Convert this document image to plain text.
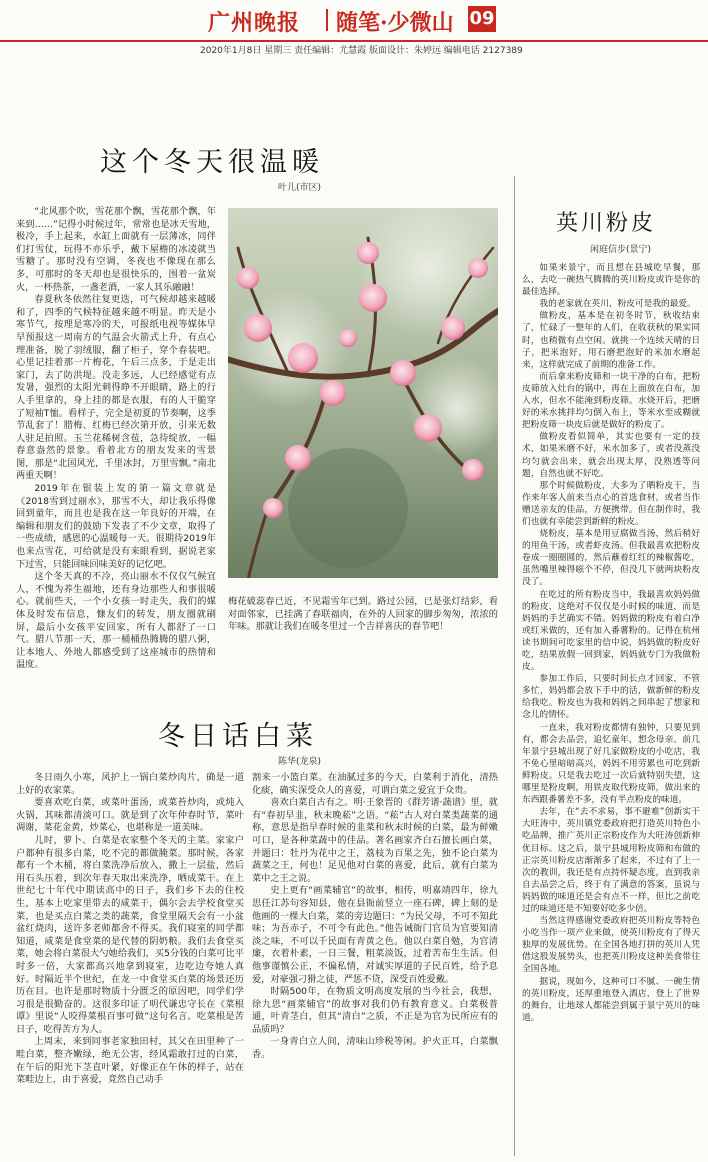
广州晚报 随笔·少微山 09
2020年1月8日 星期三 责任编辑：尤慧霞 版面设计：朱婷远 编辑电话 2127389
这个冬天很温暖
叶儿(市区)

“北风那个吹，雪花那个飘，雪花那个飘，年来到……”记得小时候过年，常常也是冰天雪地，极冷，手上起来，水缸上面就有一层薄冰，同伴们打雪仗，玩得不亦乐乎，戴下屋檐的冰凌就当雪糖了。那时没有空调，冬夜也不像现在那么多，可那时的冬天却也是很快乐的，围着一盆炭火，一杯热茶，一盏老酒，一家人其乐融融！

春夏秋冬依然往复更迭，可气候却越来越暖和了，四季的气候特征越来越不明显。昨天是小寒节气，按理是寒冷的天，可报纸电视等媒体早早预报这一周南方的气温会火箭式上升，有点心理准备，脱了羽绒服，翻了柜子，穿个春装吧。心里记挂着那一片梅花，午后三点多，于是走出家门，去了防洪堤。没走多远，人已经感觉有点发暑，强烈的太阳光刺得睁不开眼睛，路上的行人手里拿的，身上挂的都是衣服，有的人干脆穿了短袖T恤。看样子，完全是初夏的节奏啊，这季节乱套了！腊梅、红梅已经次第开放，引来无数人驻足拍照。玉兰花稀树含苞，急待绽放，一幅春意盎然的景象。看着北方的朋友发来的雪景图，那是“北国风光，千里冰封，万里雪飘。”南北两重天啊！

2019年在银装上发的第一篇文章就是《2018雪到过丽水》，那雪不大，却让我乐得像回到童年，而且也是我在这一年良好的开端，在编辑和朋友们的鼓励下发表了不少文章，取得了一些成绩，感恩的心温暖每一天。很期待2019年也来点雪花，可给就是没有来眼看到，据说老家下过雪，只能回味回味美好的记忆吧。

这个冬天真的不冷，亮山丽水不仅仅气候宜人，不愧为养生福地，还有身边那些人和事很暖心。就前些天，一个小女孩一时走失，我们的媒体及时发布信息，慷友们的转发，朋友圈就刷屏，最后小女孩平安回家，所有人都舒了一口气。腊八节那一天，那一桶桶热腾腾的腊八粥，让本地人、外地人都感受到了这座城市的热情和温度。

梅花破蕊春已近，不见霜雪年已到。路过公园，已是张灯结彩，看对面邻家，已挂满了春联福肉，在外的人回家的脚步匆匆，浓浓的年味。那就让我们在暖冬里过一个吉祥喜庆的春节吧！
冬日话白菜
陈华(龙泉)

冬日雨久小寒，风护上一锅白菜炒肉片，确是一道上好的农家菜。

要喜欢吃白菜，或菜叶蛋汤，或菜苔炒肉，或炖入火锅，其味都清淡可口。就是到了次年仲春时节，菜叶凋谢，菜花金黄，炒菜心，也堪称是一道美味。

儿时，萝卜、白菜是农家整个冬天的主菜。家家户户都种有很多白菜，吃不完的都做腌菜。那时候，各家都有一个木桶，将白菜洗净后放入，撒上一层盐，然后用石头压着，到次年春天取出来洗净，晒成菜干。在上世纪七十年代中期读高中的日子，我们乡下去的住校生，基本上吃家里带去的咸菜干，偶尔会去学校食堂买菜，也是买点白菜之类的蔬菜，食堂里隔天会有一小盆盆红烧肉，送许多老师都舍不得买。我们寝室的同学都知道，咸菜是食堂菜的是代替的阴奶粮。我们去食堂买菜，她会将白菜很大勺她给我们，买5分钱的白菜可比平时多一倍，大家都高兴地拿到寝室，边吃边夸她人真好。时隔近半个世纪，在龙一中食堂买白菜的场景还历历在目。也许是那时物质十分匮乏的原因吧，同学们学习很是很勤奋的。这很多印证了明代谦忠守长在《菜根谭》里说“人咬得菜根百事可做”这句名言。吃菜根是苦日子，吃得苦方为人。

上周末，来到同事老家独田村，其父在田里种了一畦白菜，整齐嫩绿，绝无公害，经风霜敢打过的白菜，在午后的阳光下茎直叶紧，好像正在午休的样子，站在菜畦边上，由于喜爱，竟然自己动手

割来一小篮白菜。在油腻过多的今天，白菜利于消化，清热化痰，确实深受众人的喜爱，可谓白菜之爱宜于众贵。

喜欢白菜自古有之。明·王象晋的《群芳谱·蔬谱》里，就有“春初早韭，秋末晚菘”之语。“菘”古人对白菜类蔬菜的通称，意思是指早春时候的韭菜和秋末时候的白菜，最为鲜嫩可口，是各种菜蔬中的佳品。著名画家齐白石擅长画白菜，并题曰：牡丹为花中之王，荔枝为百果之先，独不论白菜为蔬菜之王，何也！足见他对白菜的喜爱，此后，就有白菜为菜中之王之说。

史上更有“画菜辅官”的故事，相传，明嘉靖四年，徐九思任江苏句容知县，他在县衙前竖立一座石碑，碑上刻的是他画的一棵大白菜，菜的旁边题曰：“为民父母，不可不知此味；为吾赤子，不可令有此色。”他告诫衙门官员为官要知清淡之味，不可以千民面有青黄之色。他以白菜自勉，为官清廉，衣着朴素，一日三餐，粗菜淡饭，过着苦布生生活。但他事谨慎公正，不偏私情，对诚实厚道的子民百姓，给予息爱，对豪强刁猾之徒，严惩不贷，深受百姓爱戴。

时隔500年，在物质文明高度发展的当今社会，我想，徐九思“画菜辅官”的故事对我们仍有教育意义。白菜极普通，叶青茎白，但其“清白”之质，不正是为官为民所应有的品质吗？

一身青白立人间，清味山珍税等闲。护火正耳，白菜飘香。

英川粉皮
闲庭信步(景宁)

如果来景宁，而且想在县城吃早餐，那么，去吃一碗热气腾腾的英川粉皮或许是你的最佳选择。

我的老家就在英川，粉皮可是我的最爱。

做粉皮，基本是在初冬时节，秋收结束了，忙碌了一整年的人们，在收获秋的果实同时，也稍微有点空闲。就挑一个连续天晴的日子，把米泡好，用石磨把泡好的米加水磨起来，这样就完成了前期的准备工作。

而后拿来粉皮筛和一块干净的白布，把粉皮筛放入灶台的锅中，再在上面放在白布，加入水，但水不能淹到粉皮筛。水烧开后，把磨好的米水挑拌均匀倒入布上，等米水至成糊就把粉皮筛一块皮后就是做好的粉皮了。

做粉皮看似简单，其实也要有一定的技术，如果米磨不好，米水加多了，或者没蒸没均匀就会出来，就会出现太厚，没熟透等问题，自然也就不好吃。

那个时候做粉皮，大多为了晒粉皮干，当作来年客人前来当点心的首选食材，或者当作赠送亲友的佳品，方便携带。但在制作时，我们也就有幸能尝到新鲜的粉皮。

烧粉皮，基本是用豆腐做当汤，然后稍好的用鱼干汤，或者虾皮汤。但我最喜欢把粉皮卷成一圈圈圆的，然后蘸着红红的辣椒酱吃，虽然嘴里辣得嗞个不停，但没几下就两块粉皮没了。

在吃过的所有粉皮当中，我最喜欢妈妈做的粉皮，这绝对不仅仅是小时候的味道，而是妈妈的手艺确实不错。妈妈做的粉皮有着白净或红米做的，还有加入番薯粉的。记得在杭州读书期间可吃家里的信中说，妈妈做的粉皮好吃，结果放假一回到家，妈妈就专门为我做粉皮。

参加工作后，只要时间长点才回家，不管多忙，妈妈都会放下手中的活，做新鲜的粉皮给我吃。粉皮也为我和妈妈之间串起了想家和念儿的情怀。

一直来，我对粉皮都情有独钟，只要见到有，都会去品尝，追忆童年，想念母亲。前几年景宁县城出现了好几家做粉皮的小吃店，我不免心里暗暗高兴，妈妈不用劳累也可吃到新鲜粉皮。只是我去吃过一次后就特别失望，这哪里是粉皮啊，用铁皮取代粉皮筛，做出来的东西跟番薯差不多，没有半点粉皮的味道。

去年，在“去不求易，事不避难”创新实干大旺涛中，英川镇党委政府把打造英川特色小吃品牌，推广英川正宗粉皮作为大旺涛创新伸优目标。这之后，景宁县城用粉皮筛和布做的正宗英川粉皮店渐渐多了起来，不过有了上一次的教训，我还是有点持怀疑态度，直到我亲自去品尝之后，终于有了满意的答案，虽说与妈妈做的味道还是会有点不一样，但比之前吃过的味道还是不知要好吃多少倍。

当然这得感谢党委政府把英川粉皮等特色小吃当作一项产业来做，使英川粉皮有了得天独厚的发展优势。在全国各地打拼的英川人凭借这股发展势头，也把英川粉皮这种美食带往全国各地。

据说，现如今，这种可口不腻、一碗生情的英川粉皮，还厚重地登入酒店，登上了世界的舞台，让地球人都能尝到属于景宁英川的味道。
